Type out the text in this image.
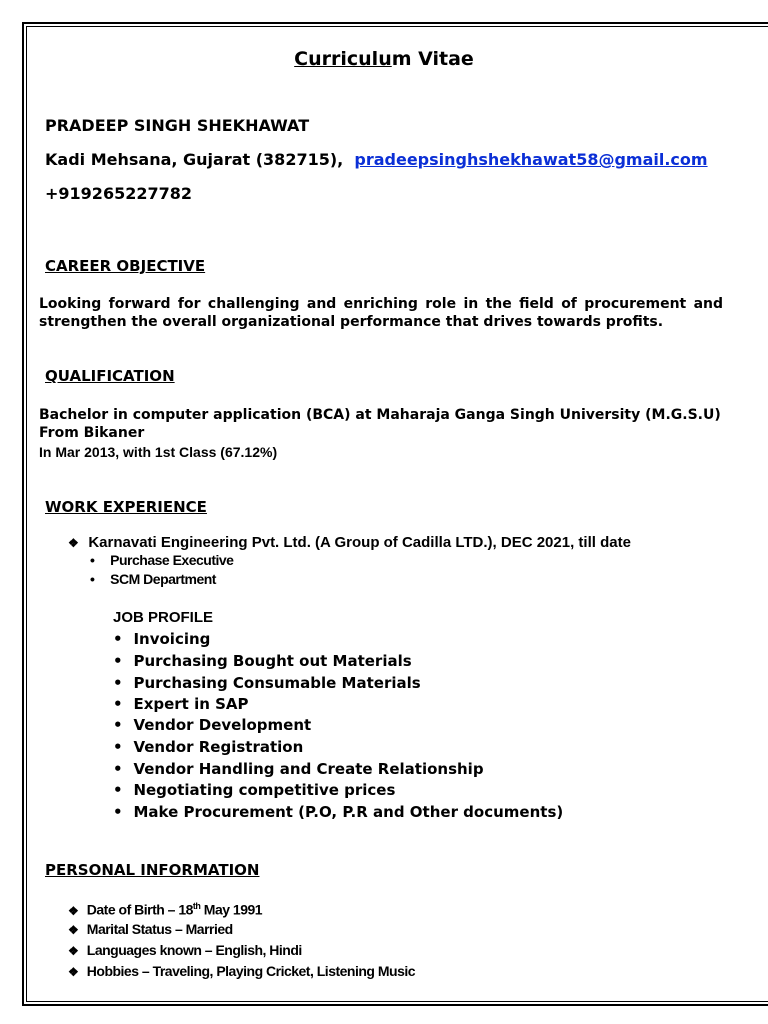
Curriculum Vitae
PRADEEP SINGH SHEKHAWAT
Kadi Mehsana, Gujarat (382715), pradeepsinghshekhawat58@gmail.com
+919265227782
CAREER OBJECTIVE
Looking forward for challenging and enriching role in the field of procurement and
strengthen the overall organizational performance that drives towards profits.
QUALIFICATION
Bachelor in computer application (BCA) at Maharaja Ganga Singh University (M.G.S.U)
From Bikaner
In Mar 2013, with 1st Class (67.12%)
WORK EXPERIENCE
❖ Karnavati Engineering Pvt. Ltd. (A Group of Cadilla LTD.), DEC 2021, till date
• Purchase Executive
• SCM Department
JOB PROFILE
• Invoicing
• Purchasing Bought out Materials
• Purchasing Consumable Materials
• Expert in SAP
• Vendor Development
• Vendor Registration
• Vendor Handling and Create Relationship
• Negotiating competitive prices
• Make Procurement (P.O, P.R and Other documents)
PERSONAL INFORMATION
❖ Date of Birth – 18th May 1991
❖ Marital Status – Married
❖ Languages known – English, Hindi
❖ Hobbies – Traveling, Playing Cricket, Listening Music
